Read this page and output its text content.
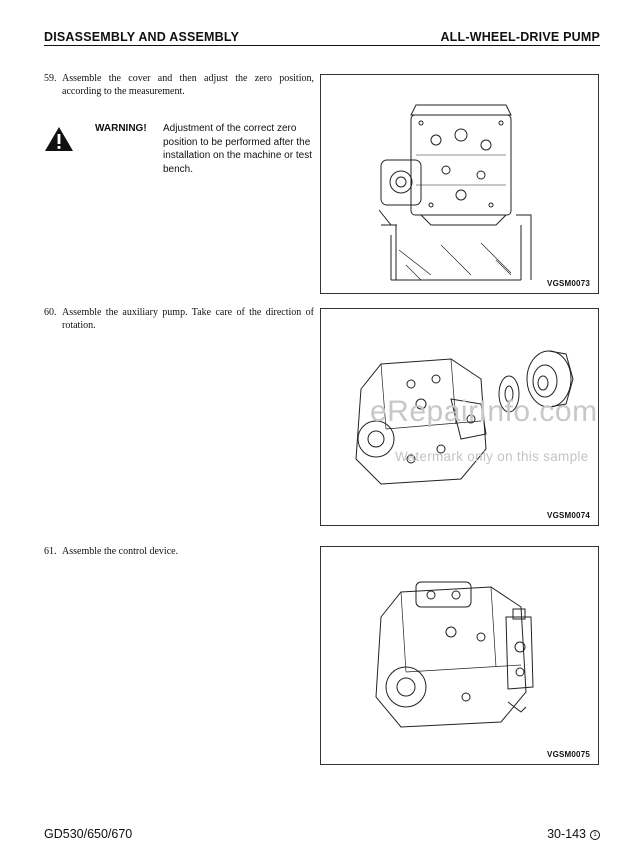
DISASSEMBLY AND ASSEMBLY	ALL-WHEEL-DRIVE PUMP
59. Assemble the cover and then adjust the zero position, according to the measurement.
WARNING! Adjustment of the correct zero position to be performed after the installation on the machine or test bench.
60. Assemble the auxiliary pump. Take care of the direction of rotation.
61. Assemble the control device.
VGSM0073
VGSM0074
VGSM0075
eRepairInfo.com
Watermark only on this sample
GD530/650/670	30-143 1
